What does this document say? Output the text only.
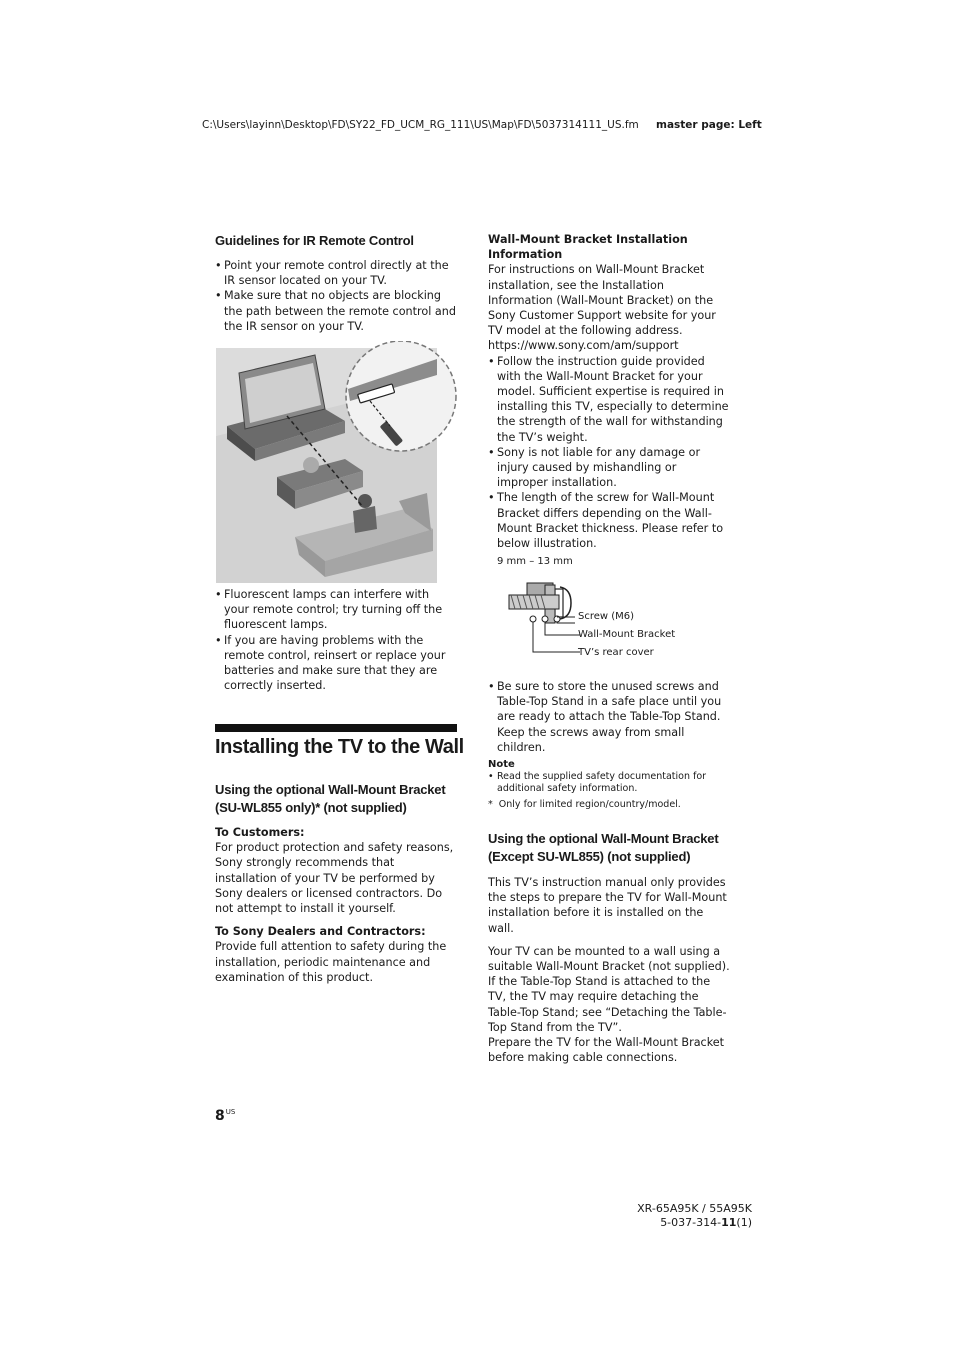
C:\Users\layinn\Desktop\FD\SY22_FD_UCM_RG_111\US\Map\FD\5037314111_US.fm master page: Left
Guidelines for IR Remote Control
• Point your remote control directly at the IR sensor located on your TV.
• Make sure that no objects are blocking the path between the remote control and the IR sensor on your TV.
• Fluorescent lamps can interfere with your remote control; try turning off the fluorescent lamps.
• If you are having problems with the remote control, reinsert or replace your batteries and make sure that they are correctly inserted.
Installing the TV to the Wall
Using the optional Wall-Mount Bracket (SU-WL855 only)* (not supplied)
To Customers:

For product protection and safety reasons, Sony strongly recommends that installation of your TV be performed by Sony dealers or licensed contractors. Do not attempt to install it yourself.

To Sony Dealers and Contractors:

Provide full attention to safety during the installation, periodic maintenance and examination of this product.

Wall-Mount Bracket Installation Information

For instructions on Wall-Mount Bracket installation, see the Installation Information (Wall-Mount Bracket) on the Sony Customer Support website for your TV model at the following address.

https://www.sony.com/am/support
• Follow the instruction guide provided with the Wall-Mount Bracket for your model. Sufficient expertise is required in installing this TV, especially to determine the strength of the wall for withstanding the TV’s weight.
• Sony is not liable for any damage or injury caused by mishandling or improper installation.
• The length of the screw for Wall-Mount Bracket differs depending on the Wall-Mount Bracket thickness. Please refer to below illustration.
9 mm – 13 mm
Screw (M6)
Wall-Mount Bracket
TV’s rear cover
• Be sure to store the unused screws and Table-Top Stand in a safe place until you are ready to attach the Table-Top Stand. Keep the screws away from small children.
Note
• Read the supplied safety documentation for additional safety information.
* Only for limited region/country/model.
Using the optional Wall-Mount Bracket (Except SU-WL855) (not supplied)

This TV’s instruction manual only provides the steps to prepare the TV for Wall-Mount installation before it is installed on the wall.

Your TV can be mounted to a wall using a suitable Wall-Mount Bracket (not supplied). If the Table-Top Stand is attached to the TV, the TV may require detaching the Table-Top Stand; see “Detaching the Table-Top Stand from the TV”.

Prepare the TV for the Wall-Mount Bracket before making cable connections.

$8^{US}$
XR-65A95K / 55A95K
5-037-314-11(1)
